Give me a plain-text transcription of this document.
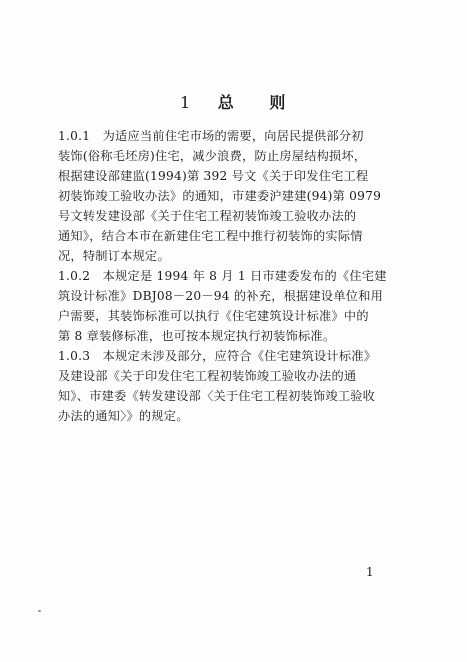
1 总 则
1.0.1　为适应当前住宅市场的需要，向居民提供部分初
装饰(俗称毛坯房)住宅，减少浪费，防止房屋结构损坏，
根据建设部建监(1994)第 392 号文《关于印发住宅工程
初装饰竣工验收办法》的通知，市建委沪建建(94)第 0979
号文转发建设部《关于住宅工程初装饰竣工验收办法的
通知》，结合本市在新建住宅工程中推行初装饰的实际情
况，特制订本规定。
1.0.2　本规定是 1994 年 8 月 1 日市建委发布的《住宅建
筑设计标准》DBJ08－20－94 的补充，根据建设单位和用
户需要，其装饰标准可以执行《住宅建筑设计标准》中的
第 8 章装修标准，也可按本规定执行初装饰标准。
1.0.3　本规定未涉及部分，应符合《住宅建筑设计标准》
及建设部《关于印发住宅工程初装饰竣工验收办法的通
知》、市建委《转发建设部〈关于住宅工程初装饰竣工验收
办法的通知〉》的规定。
1
